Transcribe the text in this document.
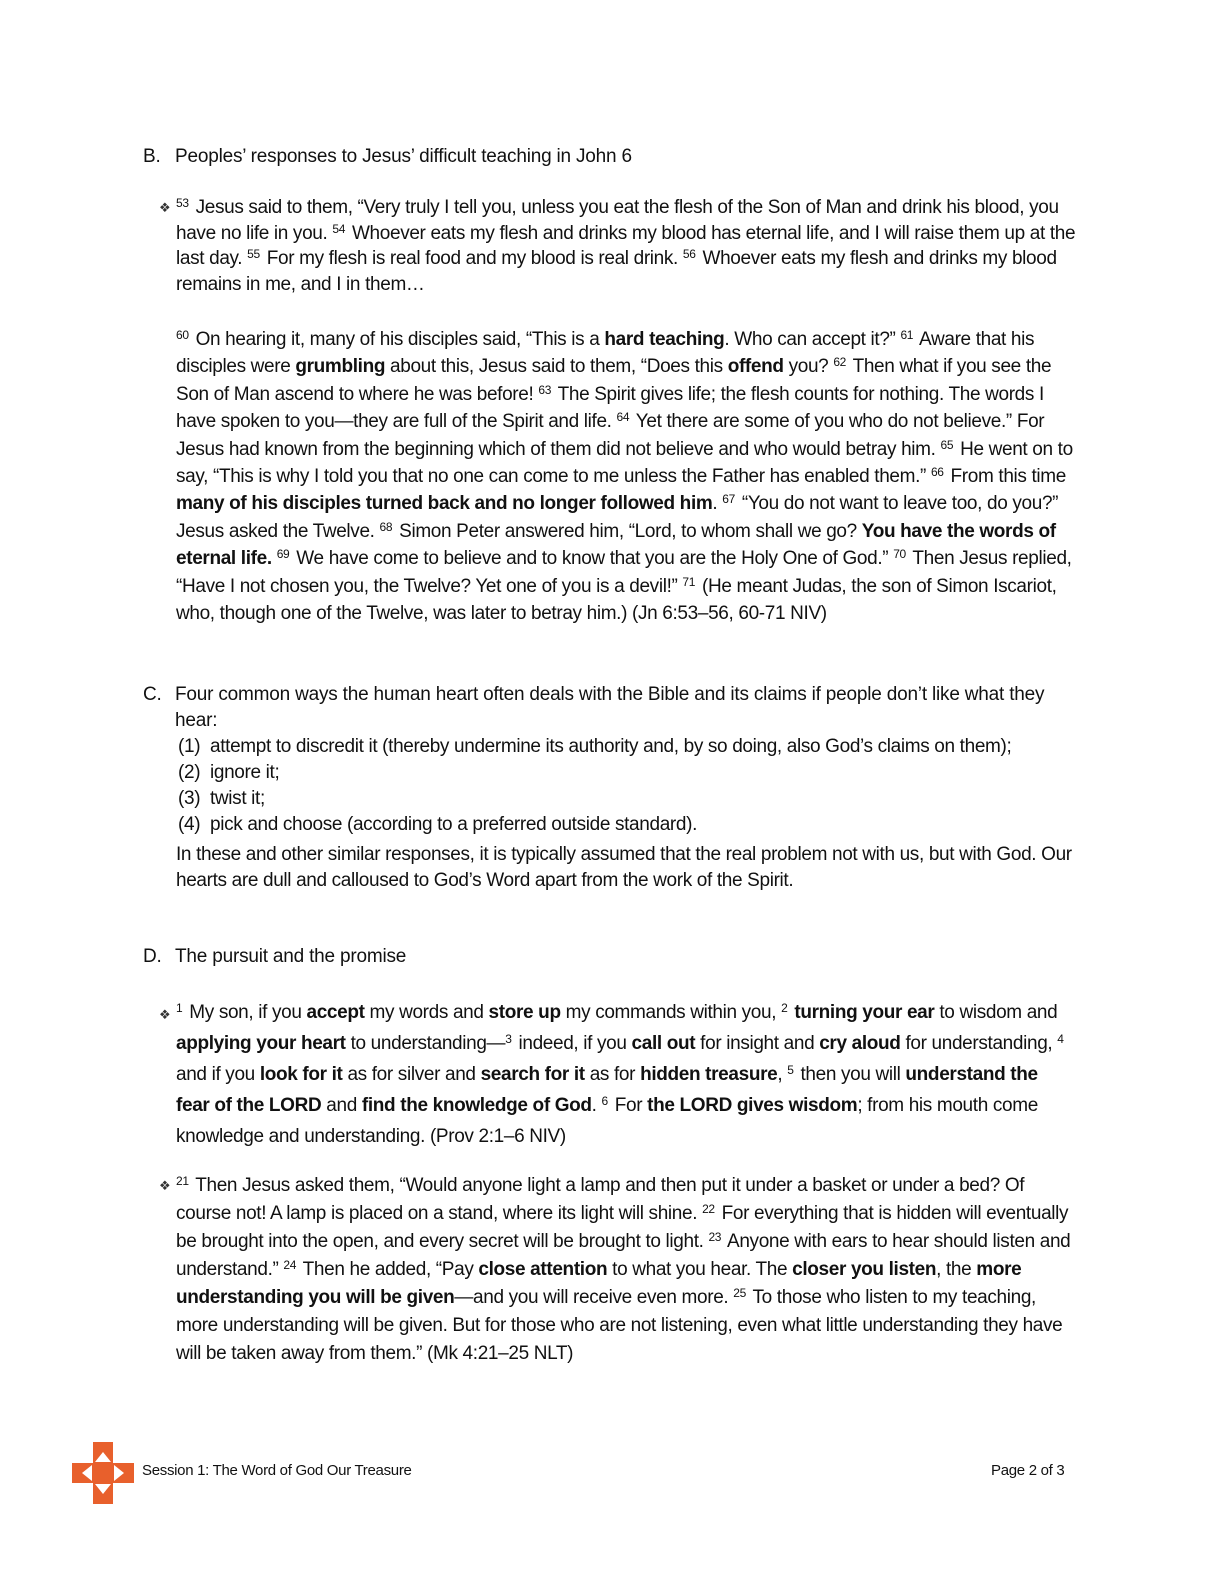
B. Peoples’ responses to Jesus’ difficult teaching in John 6
❖ $^{53}$ Jesus said to them, “Very truly I tell you, unless you eat the flesh of the Son of Man and drink his blood, you have no life in you. $^{54}$ Whoever eats my flesh and drinks my blood has eternal life, and I will raise them up at the last day. $^{55}$ For my flesh is real food and my blood is real drink. $^{56}$ Whoever eats my flesh and drinks my blood remains in me, and I in them…
$^{60}$ On hearing it, many of his disciples said, “This is a hard teaching. Who can accept it?” $^{61}$ Aware that his disciples were grumbling about this, Jesus said to them, “Does this offend you? $^{62}$ Then what if you see the Son of Man ascend to where he was before! $^{63}$ The Spirit gives life; the flesh counts for nothing. The words I have spoken to you—they are full of the Spirit and life. $^{64}$ Yet there are some of you who do not believe.” For Jesus had known from the beginning which of them did not believe and who would betray him. $^{65}$ He went on to say, “This is why I told you that no one can come to me unless the Father has enabled them.” $^{66}$ From this time many of his disciples turned back and no longer followed him. $^{67}$ “You do not want to leave too, do you?” Jesus asked the Twelve. $^{68}$ Simon Peter answered him, “Lord, to whom shall we go? You have the words of eternal life. $^{69}$ We have come to believe and to know that you are the Holy One of God.” $^{70}$ Then Jesus replied, “Have I not chosen you, the Twelve? Yet one of you is a devil!” $^{71}$ (He meant Judas, the son of Simon Iscariot, who, though one of the Twelve, was later to betray him.) (Jn 6:53–56, 60-71 NIV)
C. Four common ways the human heart often deals with the Bible and its claims if people don’t like what they hear:
(1) attempt to discredit it (thereby undermine its authority and, by so doing, also God’s claims on them);
(2) ignore it;
(3) twist it;
(4) pick and choose (according to a preferred outside standard).
In these and other similar responses, it is typically assumed that the real problem not with us, but with God. Our hearts are dull and calloused to God’s Word apart from the work of the Spirit.
D. The pursuit and the promise
❖ $^1$ My son, if you accept my words and store up my commands within you, $^2$ turning your ear to wisdom and applying your heart to understanding—$^3$ indeed, if you call out for insight and cry aloud for understanding, $^4$ and if you look for it as for silver and search for it as for hidden treasure, $^5$ then you will understand the fear of the LORD and find the knowledge of God. $^6$ For the LORD gives wisdom; from his mouth come knowledge and understanding. (Prov 2:1–6 NIV)
❖ $^{21}$ Then Jesus asked them, “Would anyone light a lamp and then put it under a basket or under a bed? Of course not! A lamp is placed on a stand, where its light will shine. $^{22}$ For everything that is hidden will eventually be brought into the open, and every secret will be brought to light. $^{23}$ Anyone with ears to hear should listen and understand.” $^{24}$ Then he added, “Pay close attention to what you hear. The closer you listen, the more understanding you will be given—and you will receive even more. $^{25}$ To those who listen to my teaching, more understanding will be given. But for those who are not listening, even what little understanding they have will be taken away from them.” (Mk 4:21–25 NLT)
Session 1: The Word of God Our Treasure	Page 2 of 3
